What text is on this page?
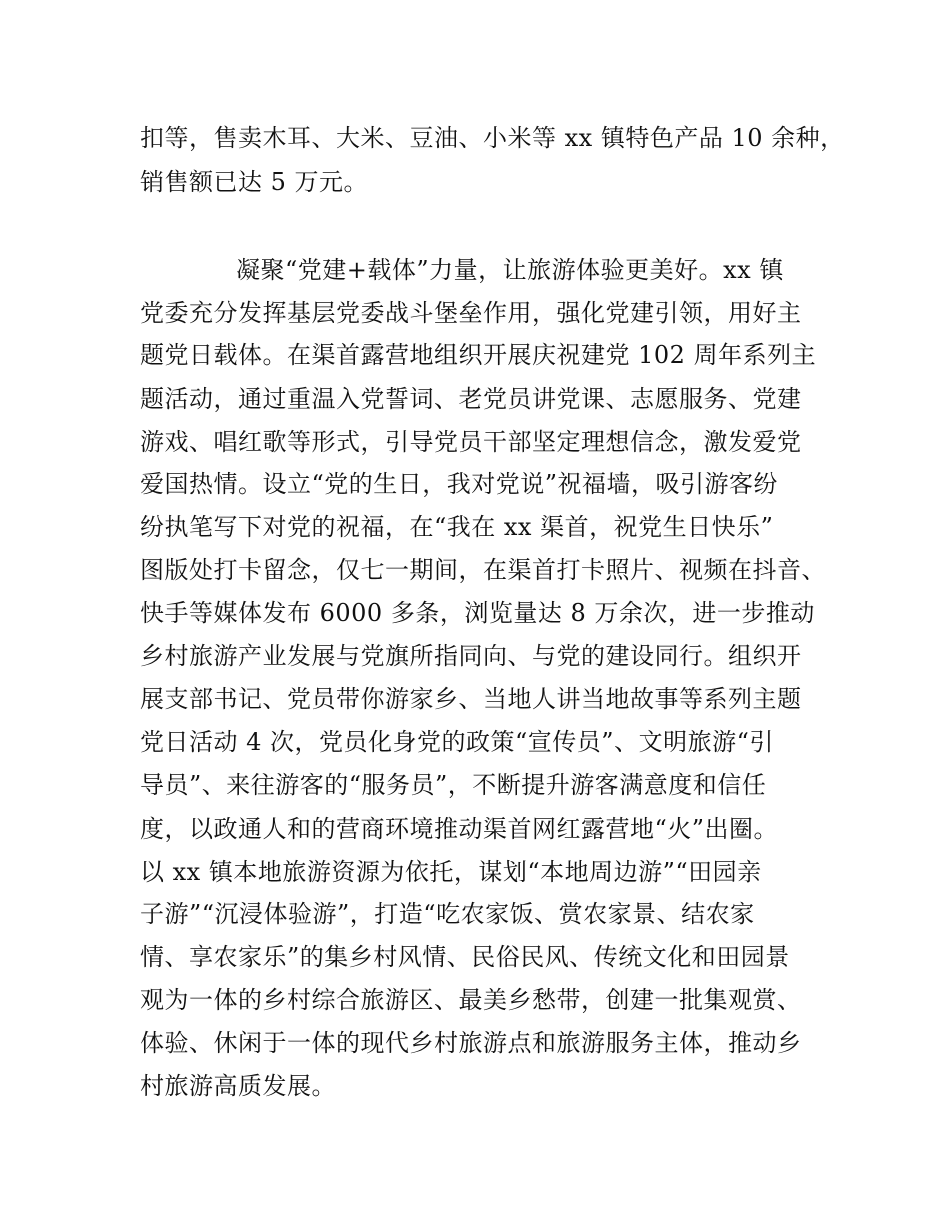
扣等，售卖木耳、大米、豆油、小米等 xx 镇特色产品 10 余种，
销售额已达 5 万元。
凝聚“党建+载体”力量，让旅游体验更美好。xx 镇
党委充分发挥基层党委战斗堡垒作用，强化党建引领，用好主
题党日载体。在渠首露营地组织开展庆祝建党 102 周年系列主
题活动，通过重温入党誓词、老党员讲党课、志愿服务、党建
游戏、唱红歌等形式，引导党员干部坚定理想信念，激发爱党
爱国热情。设立“党的生日，我对党说”祝福墙，吸引游客纷
纷执笔写下对党的祝福，在“我在 xx 渠首，祝党生日快乐”
图版处打卡留念，仅七一期间，在渠首打卡照片、视频在抖音、
快手等媒体发布 6000 多条，浏览量达 8 万余次，进一步推动
乡村旅游产业发展与党旗所指同向、与党的建设同行。组织开
展支部书记、党员带你游家乡、当地人讲当地故事等系列主题
党日活动 4 次，党员化身党的政策“宣传员”、文明旅游“引
导员”、来往游客的“服务员”，不断提升游客满意度和信任
度，以政通人和的营商环境推动渠首网红露营地“火”出圈。
以 xx 镇本地旅游资源为依托，谋划“本地周边游”“田园亲
子游”“沉浸体验游”，打造“吃农家饭、赏农家景、结农家
情、享农家乐”的集乡村风情、民俗民风、传统文化和田园景
观为一体的乡村综合旅游区、最美乡愁带，创建一批集观赏、
体验、休闲于一体的现代乡村旅游点和旅游服务主体，推动乡
村旅游高质发展。
